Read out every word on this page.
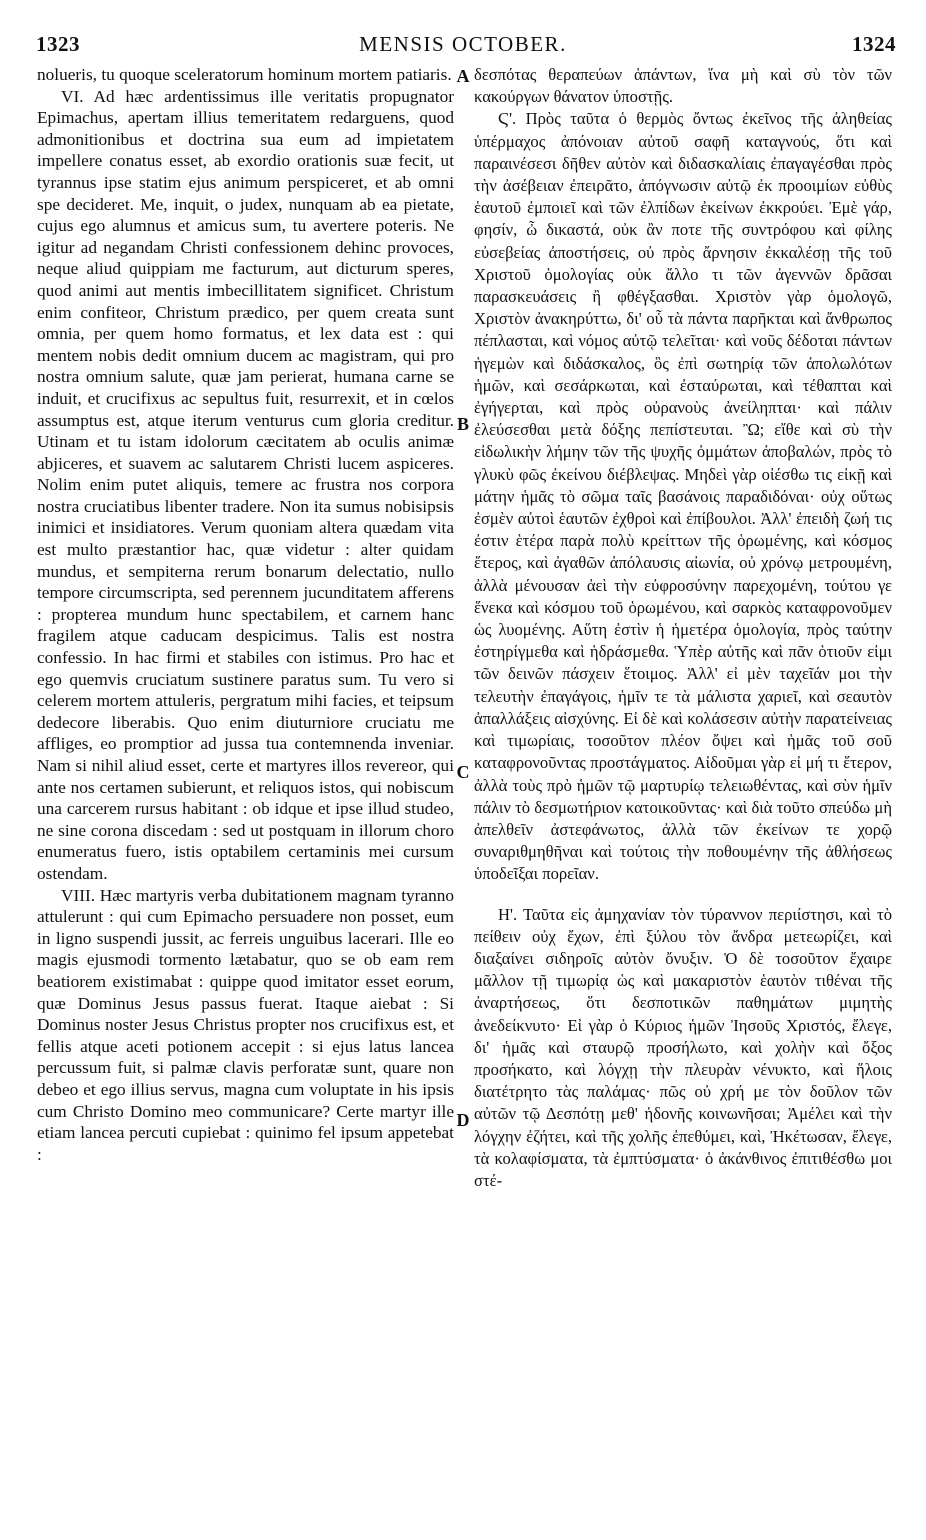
1323	MENSIS OCTOBER.	1324

nolueris, tu quoque sceleratorum hominum mortem patiaris.

VI. Ad hæc ardentissimus ille veritatis propugnator Epimachus, apertam illius temeritatem redarguens, quod admonitionibus et doctrina sua eum ad impietatem impellere conatus esset, ab exordio orationis suæ fecit, ut tyrannus ipse statim ejus animum perspiceret, et ab omni spe decideret. Me, inquit, o judex, nunquam ab ea pietate, cujus ego alumnus et amicus sum, tu avertere poteris. Ne igitur ad negandam Christi confessionem dehinc provoces, neque aliud quippiam me facturum, aut dicturum speres, quod animi aut mentis imbecillitatem significet. Christum enim confiteor, Christum prædico, per quem creata sunt omnia, per quem homo formatus, et lex data est : qui mentem nobis dedit omnium ducem ac magistram, qui pro nostra omnium salute, quæ jam perierat, humana carne se induit, et crucifixus ac sepultus fuit, resurrexit, et in cœlos assumptus est, atque iterum venturus cum gloria creditur. Utinam et tu istam idolorum cæcitatem ab oculis animæ abjiceres, et suavem ac salutarem Christi lucem aspiceres. Nolim enim putet aliquis, temere ac frustra nos corpora nostra cruciatibus libenter tradere. Non ita sumus nobisipsis inimici et insidiatores. Verum quoniam altera quædam vita est multo præstantior hac, quæ videtur : alter quidam mundus, et sempiterna rerum bonarum delectatio, nullo tempore circumscripta, sed perennem jucunditatem afferens : propterea mundum hunc spectabilem, et carnem hanc fragilem atque caducam despicimus. Talis est nostra confessio. In hac firmi et stabiles con istimus. Pro hac et ego quemvis cruciatum sustinere paratus sum. Tu vero si celerem mortem attuleris, pergratum mihi facies, et teipsum dedecore liberabis. Quo enim diuturniore cruciatu me affliges, eo promptior ad jussa tua contemnenda inveniar. Nam si nihil aliud esset, certe et martyres illos revereor, qui ante nos certamen subierunt, et reliquos istos, qui nobiscum una carcerem rursus habitant : ob idque et ipse illud studeo, ne sine corona discedam : sed ut postquam in illorum choro enumeratus fuero, istis optabilem certaminis mei cursum ostendam.

VIII. Hæc martyris verba dubitationem magnam tyranno attulerunt : qui cum Epimacho persuadere non posset, eum in ligno suspendi jussit, ac ferreis unguibus lacerari. Ille eo magis ejusmodi tormento lætabatur, quo se ob eam rem beatiorem existimabat : quippe quod imitator esset eorum, quæ Dominus Jesus passus fuerat. Itaque aiebat : Si Dominus noster Jesus Christus propter nos crucifixus est, et fellis atque aceti potionem accepit : si ejus latus lancea percussum fuit, si palmæ clavis perforatæ sunt, quare non debeo et ego illius servus, magna cum voluptate in his ipsis cum Christo Domino meo communicare? Certe martyr ille etiam lancea percuti cupiebat : quinimo fel ipsum appetebat :

A
B
C
D

δεσπότας θεραπεύων ἁπάντων, ἵνα μὴ καὶ σὺ τὸν τῶν κακούργων θάνατον ὑποστῇς.

Ϛ'. Πρὸς ταῦτα ὁ θερμὸς ὄντως ἐκεῖνος τῆς ἀληθείας ὑπέρμαχος ἀπόνοιαν αὐτοῦ σαφῆ καταγνούς, ὅτι καὶ παραινέσεσι δῆθεν αὐτὸν καὶ διδασκαλίαις ἐπαγαγέσθαι πρὸς τὴν ἀσέβειαν ἐπειρᾶτο, ἀπόγνωσιν αὐτῷ ἐκ προοιμίων εὐθὺς ἑαυτοῦ ἐμποιεῖ καὶ τῶν ἐλπίδων ἐκείνων ἐκκρούει. Ἐμὲ γάρ, φησίν, ὦ δικαστά, οὐκ ἂν ποτε τῆς συντρόφου καὶ φίλης εὐσεβείας ἀποστήσεις, οὐ πρὸς ἄρνησιν ἐκκαλέσῃ τῆς τοῦ Χριστοῦ ὁμολογίας οὐκ ἄλλο τι τῶν ἀγεννῶν δρᾶσαι παρασκευάσεις ἢ φθέγξασθαι. Χριστὸν γὰρ ὁμολογῶ, Χριστὸν ἀνακηρύττω, δι' οὗ τὰ πάντα παρῆκται καὶ ἄνθρωπος πέπλασται, καὶ νόμος αὐτῷ τελεῖται· καὶ νοῦς δέδοται πάντων ἡγεμὼν καὶ διδάσκαλος, ὃς ἐπὶ σωτηρίᾳ τῶν ἀπολωλότων ἡμῶν, καὶ σεσάρκωται, καὶ ἐσταύρωται, καὶ τέθαπται καὶ ἐγήγερται, καὶ πρὸς οὐρανοὺς ἀνείληπται· καὶ πάλιν ἐλεύσεσθαι μετὰ δόξης πεπίστευται. Ὢ; εἴθε καὶ σὺ τὴν εἰδωλικὴν λήμην τῶν τῆς ψυχῆς ὀμμάτων ἀποβαλών, πρὸς τὸ γλυκὺ φῶς ἐκείνου διέβλεψας. Μηδεὶ γὰρ οἰέσθω τις εἰκῇ καὶ μάτην ἡμᾶς τὸ σῶμα ταῖς βασάνοις παραδιδόναι· οὐχ οὕτως ἐσμὲν αὐτοὶ ἑαυτῶν ἐχθροὶ καὶ ἐπίβουλοι. Ἀλλ' ἐπειδὴ ζωή τις ἐστιν ἑτέρα παρὰ πολὺ κρείττων τῆς ὁρωμένης, καὶ κόσμος ἕτερος, καὶ ἀγαθῶν ἀπόλαυσις αἰωνία, οὐ χρόνῳ μετρουμένη, ἀλλὰ μένουσαν ἀεὶ τὴν εὐφροσύνην παρεχομένη, τούτου γε ἕνεκα καὶ κόσμου τοῦ ὁρωμένου, καὶ σαρκὸς καταφρονοῦμεν ὡς λυομένης. Αὕτη ἐστὶν ἡ ἡμετέρα ὁμολογία, πρὸς ταύτην ἐστηρίγμεθα καὶ ἡδράσμεθα. Ὑπὲρ αὐτῆς καὶ πᾶν ὁτιοῦν εἰμι τῶν δεινῶν πάσχειν ἕτοιμος. Ἀλλ' εἰ μὲν ταχεῖάν μοι τὴν τελευτὴν ἐπαγάγοις, ἡμῖν τε τὰ μάλιστα χαριεῖ, καὶ σεαυτὸν ἀπαλλάξεις αἰσχύνης. Εἰ δὲ καὶ κολάσεσιν αὐτὴν παρατείνειας καὶ τιμωρίαις, τοσοῦτον πλέον ὄψει καὶ ἡμᾶς τοῦ σοῦ καταφρονοῦντας προστάγματος. Αἰδοῦμαι γὰρ εἰ μή τι ἕτερον, ἀλλὰ τοὺς πρὸ ἡμῶν τῷ μαρτυρίῳ τελειωθέντας, καὶ σὺν ἡμῖν πάλιν τὸ δεσμωτήριον κατοικοῦντας· καὶ διὰ τοῦτο σπεύδω μὴ ἀπελθεῖν ἀστεφάνωτος, ἀλλὰ τῶν ἐκείνων τε χορῷ συναριθμηθῆναι καὶ τούτοις τὴν ποθουμένην τῆς ἀθλήσεως ὑποδεῖξαι πορεῖαν.

Η'. Ταῦτα εἰς ἀμηχανίαν τὸν τύραννον περιίστησι, καὶ τὸ πείθειν οὐχ ἔχων, ἐπὶ ξύλου τὸν ἄνδρα μετεωρίζει, καὶ διαξαίνει σιδηροῖς αὐτὸν ὄνυξιν. Ὁ δὲ τοσοῦτον ἔχαιρε μᾶλλον τῇ τιμωρίᾳ ὡς καὶ μακαριστὸν ἑαυτὸν τιθέναι τῆς ἀναρτήσεως, ὅτι δεσποτικῶν παθημάτων μιμητὴς ἀνεδείκνυτο· Εἰ γὰρ ὁ Κύριος ἡμῶν Ἰησοῦς Χριστός, ἔλεγε, δι' ἡμᾶς καὶ σταυρῷ προσήλωτο, καὶ χολὴν καὶ ὄξος προσήκατο, καὶ λόγχῃ τὴν πλευρὰν νένυκτο, καὶ ἥλοις διατέτρητο τὰς παλάμας· πῶς οὐ χρή με τὸν δοῦλον τῶν αὐτῶν τῷ Δεσπότῃ μεθ' ἡδονῆς κοινωνῆσαι; Ἀμέλει καὶ τὴν λόγχην ἐζήτει, καὶ τῆς χολῆς ἐπεθύμει, καὶ, Ἠκέτωσαν, ἔλεγε, τὰ κολαφίσματα, τὰ ἐμπτύσματα· ὁ ἀκάνθινος ἐπιτιθέσθω μοι στέ-
